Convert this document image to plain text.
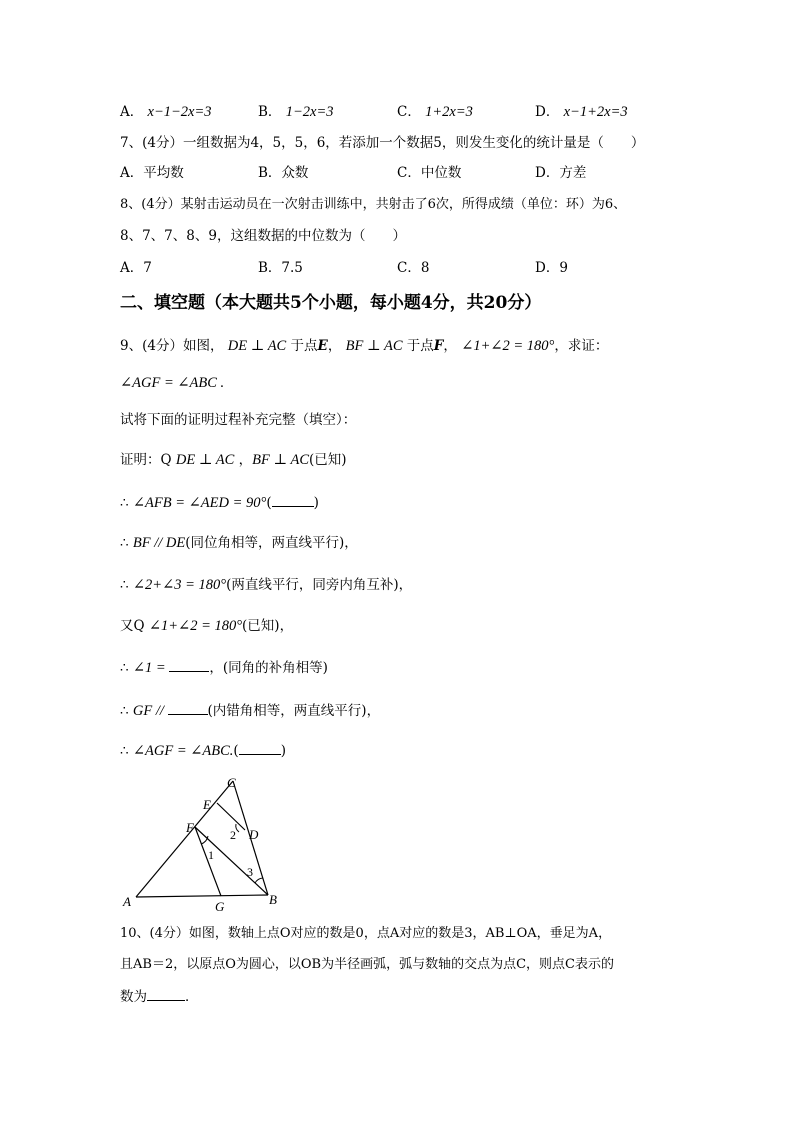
A． x−1−2x=3	B． 1−2x=3	C． 1+2x=3	D． x−1+2x=3
7、(4分）一组数据为4，5，5，6，若添加一个数据5，则发生变化的统计量是（　　）
A．平均数	B．众数	C．中位数	D．方差
8、(4分）某射击运动员在一次射击训练中，共射击了6次，所得成绩（单位：环）为6、
8、7、7、8、9，这组数据的中位数为（　　）
A．7	B．7.5	C．8	D．9
二、填空题（本大题共5个小题，每小题4分，共20分）
9、(4分）如图， DE ⊥ AC 于点E， BF ⊥ AC 于点F， ∠1+∠2 = 180°，求证：
∠AGF = ∠ABC .
试将下面的证明过程补充完整（填空）：
证明：Q DE ⊥ AC ，BF ⊥ AC(已知)
∴ ∠AFB = ∠AED = 90°(	)
∴ BF // DE(同位角相等，两直线平行)，
∴ ∠2+∠3 = 180°(两直线平行，同旁内角互补)，
又Q ∠1+∠2 = 180°(已知)，
∴ ∠1 =	，(同角的补角相等)
∴ GF //	(内错角相等，两直线平行)，
∴ ∠AGF = ∠ABC.(	)
C
E
F	D
A	G	B
1
2
3
10、(4分）如图，数轴上点O对应的数是0，点A对应的数是3，AB⊥OA，垂足为A，
且AB＝2，以原点O为圆心，以OB为半径画弧，弧与数轴的交点为点C，则点C表示的
数为	．
